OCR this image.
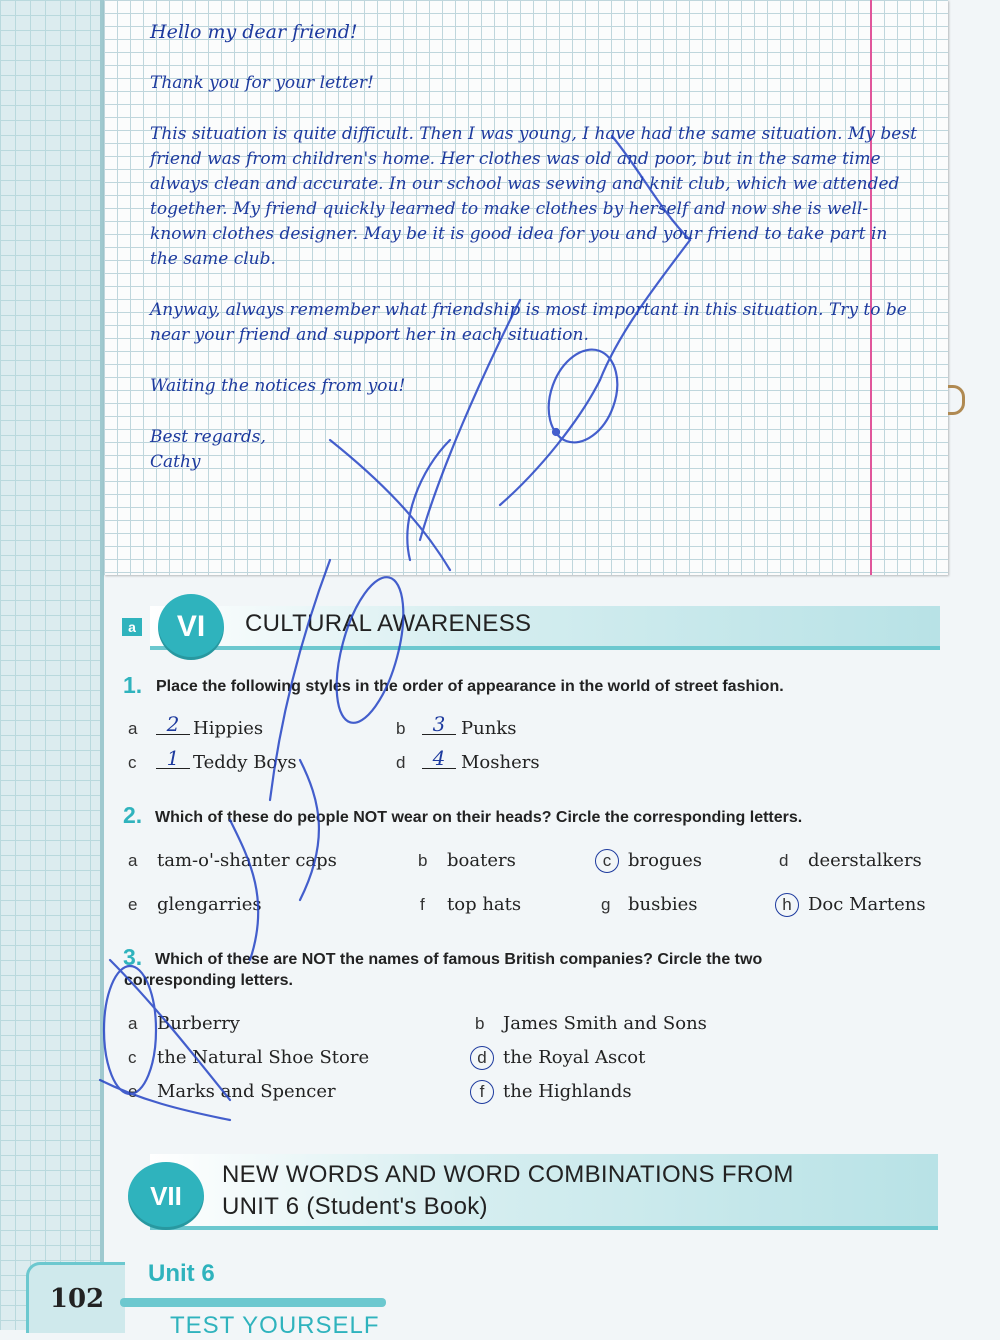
Hello my dear friend!

Thank you for your letter!

This situation is quite difficult. Then I was young, I have had the same situation. My best friend was from children's home. Her clothes was old and poor, but in the same time always clean and accurate. In our school was sewing and knit club, which we attended together. My friend quickly learned to make clothes by herself and now she is well-known clothes designer. May be it is good idea for you and your friend to take part in the same club.

Anyway, always remember what friendship is most important in this situation. Try to be near your friend and support her in each situation.

Waiting the notices from you!

Best regards,
Cathy
a	VI	CULTURAL AWARENESS
1. Place the following styles in the order of appearance in the world of street fashion.
a	2 Hippies	b	3 Punks
c	1 Teddy Boys	d	4 Moshers
2. Which of these do people NOT wear on their heads? Circle the corresponding letters.
a tam-o'-shanter caps	b boaters	c brogues	d deerstalkers
e glengarries	f top hats	g busbies	h Doc Martens
3. Which of these are NOT the names of famous British companies? Circle the two
corresponding letters.
a Burberry	b James Smith and Sons
c the Natural Shoe Store	d the Royal Ascot
e Marks and Spencer	f	the Highlands
VII
NEW WORDS AND WORD COMBINATIONS FROM
UNIT 6 (Student's Book)
102
Unit 6
TEST YOURSELF
